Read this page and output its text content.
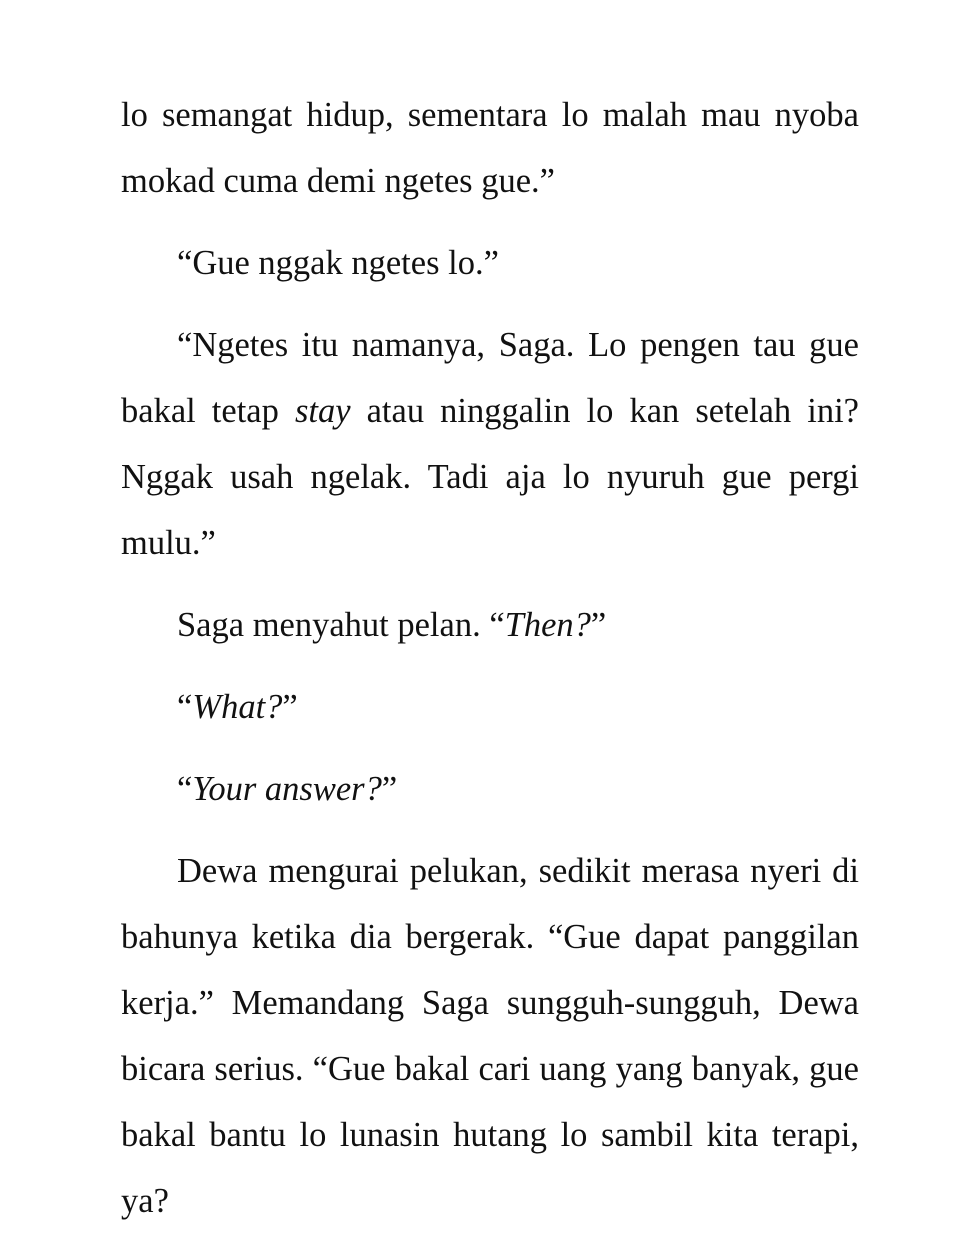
lo semangat hidup, sementara lo malah mau nyoba
mokad cuma demi ngetes gue.”
“Gue nggak ngetes lo.”
“Ngetes itu namanya, Saga. Lo pengen tau gue
bakal tetap stay atau ninggalin lo kan setelah ini?
Nggak usah ngelak. Tadi aja lo nyuruh gue pergi
mulu.”
Saga menyahut pelan. “Then?”
“What?”
“Your answer?”
Dewa mengurai pelukan, sedikit merasa nyeri di
bahunya ketika dia bergerak. “Gue dapat panggilan
kerja.” Memandang Saga sungguh-sungguh, Dewa
bicara serius. “Gue bakal cari uang yang banyak, gue
bakal bantu lo lunasin hutang lo sambil kita terapi, ya?
